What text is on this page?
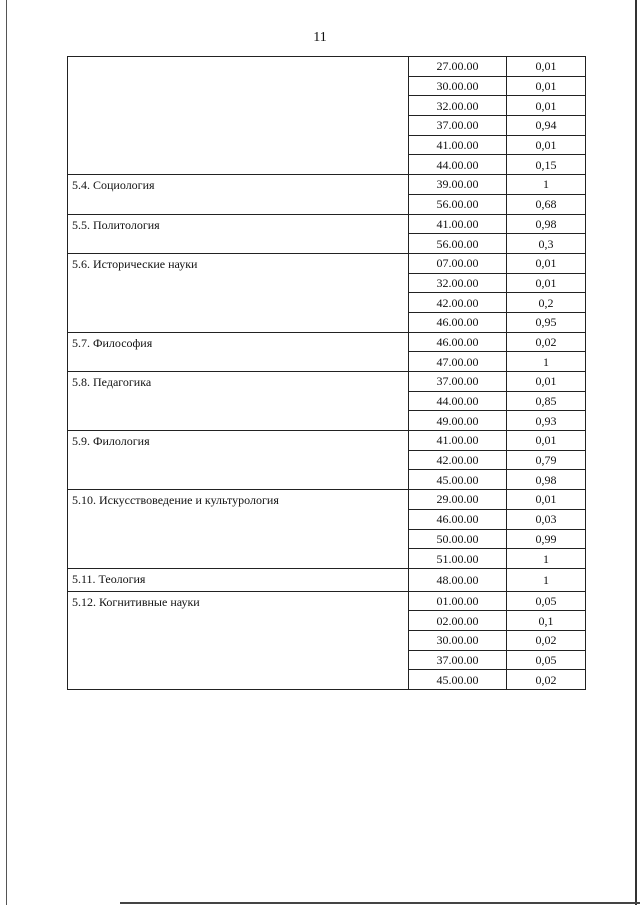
11
	27.00.00	0,01
	30.00.00	0,01
	32.00.00	0,01
	37.00.00	0,94
	41.00.00	0,01
	44.00.00	0,15
5.4. Социология	39.00.00	1
	56.00.00	0,68
5.5. Политология	41.00.00	0,98
	56.00.00	0,3
5.6. Исторические науки	07.00.00	0,01
	32.00.00	0,01
	42.00.00	0,2
	46.00.00	0,95
5.7. Философия	46.00.00	0,02
	47.00.00	1
5.8. Педагогика	37.00.00	0,01
	44.00.00	0,85
	49.00.00	0,93
5.9. Филология	41.00.00	0,01
	42.00.00	0,79
	45.00.00	0,98
5.10. Искусствоведение и культурология	29.00.00	0,01
	46.00.00	0,03
	50.00.00	0,99
	51.00.00	1
5.11. Теология	48.00.00	1
5.12. Когнитивные науки	01.00.00	0,05
	02.00.00	0,1
	30.00.00	0,02
	37.00.00	0,05
	45.00.00	0,02
